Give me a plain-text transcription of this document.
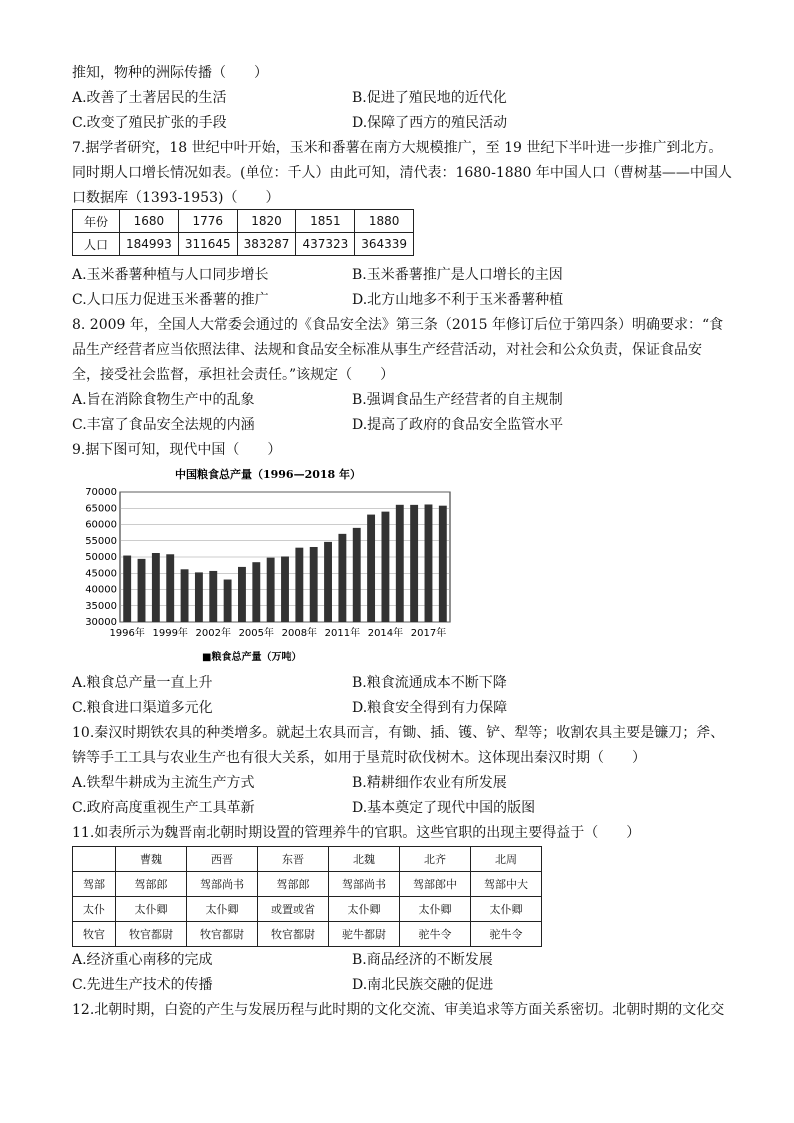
推知，物种的洲际传播（　　）
A.改善了土著居民的生活	B.促进了殖民地的近代化
C.改变了殖民扩张的手段	D.保障了西方的殖民活动
7.据学者研究，18 世纪中叶开始，玉米和番薯在南方大规模推广，至 19 世纪下半叶进一步推广到北方。
同时期人口增长情况如表。(单位：千人）由此可知，清代表：1680-1880 年中国人口（曹树基——中国人
口数据库（1393-1953)（　　）
年份	1680	1776	1820	1851	1880
人口	184993	311645	383287	437323	364339
A.玉米番薯种植与人口同步增长	B.玉米番薯推广是人口增长的主因
C.人口压力促进玉米番薯的推广	D.北方山地多不利于玉米番薯种植
8. 2009 年，全国人大常委会通过的《食品安全法》第三条（2015 年修订后位于第四条）明确要求：“食
品生产经营者应当依照法律、法规和食品安全标准从事生产经营活动，对社会和公众负责，保证食品安
全，接受社会监督，承担社会责任。”该规定（　　）
A.旨在消除食物生产中的乱象	B.强调食品生产经营者的自主规制
C.丰富了食品安全法规的内涵	D.提高了政府的食品安全监管水平
9.据下图可知，现代中国（　　）
中国粮食总产量（1996—2018 年）
30000
35000
40000
45000
50000
55000
60000
65000
70000
1996年 1999年 2002年 2005年 2008年 2011年 2014年 2017年
■粮食总产量（万吨）
A.粮食总产量一直上升	B.粮食流通成本不断下降
C.粮食进口渠道多元化	D.粮食安全得到有力保障
10.秦汉时期铁农具的种类增多。就起土农具而言，有锄、插、镬、铲、犁等；收割农具主要是镰刀；斧、
锛等手工工具与农业生产也有很大关系，如用于垦荒时砍伐树木。这体现出秦汉时期（　　）
A.铁犁牛耕成为主流生产方式	B.精耕细作农业有所发展
C.政府高度重视生产工具革新	D.基本奠定了现代中国的版图
11.如表所示为魏晋南北朝时期设置的管理养牛的官职。这些官职的出现主要得益于（　　）
	曹魏	西晋	东晋	北魏	北齐	北周
驾部	驾部郎	驾部尚书	驾部郎	驾部尚书	驾部郎中	驾部中大
太仆	太仆卿	太仆卿	或置或省	太仆卿	太仆卿	太仆卿
牧官	牧官都尉	牧官都尉	牧官都尉	驼牛都尉	驼牛令	驼牛令
A.经济重心南移的完成	B.商品经济的不断发展
C.先进生产技术的传播	D.南北民族交融的促进
12.北朝时期，白瓷的产生与发展历程与此时期的文化交流、审美追求等方面关系密切。北朝时期的文化交
